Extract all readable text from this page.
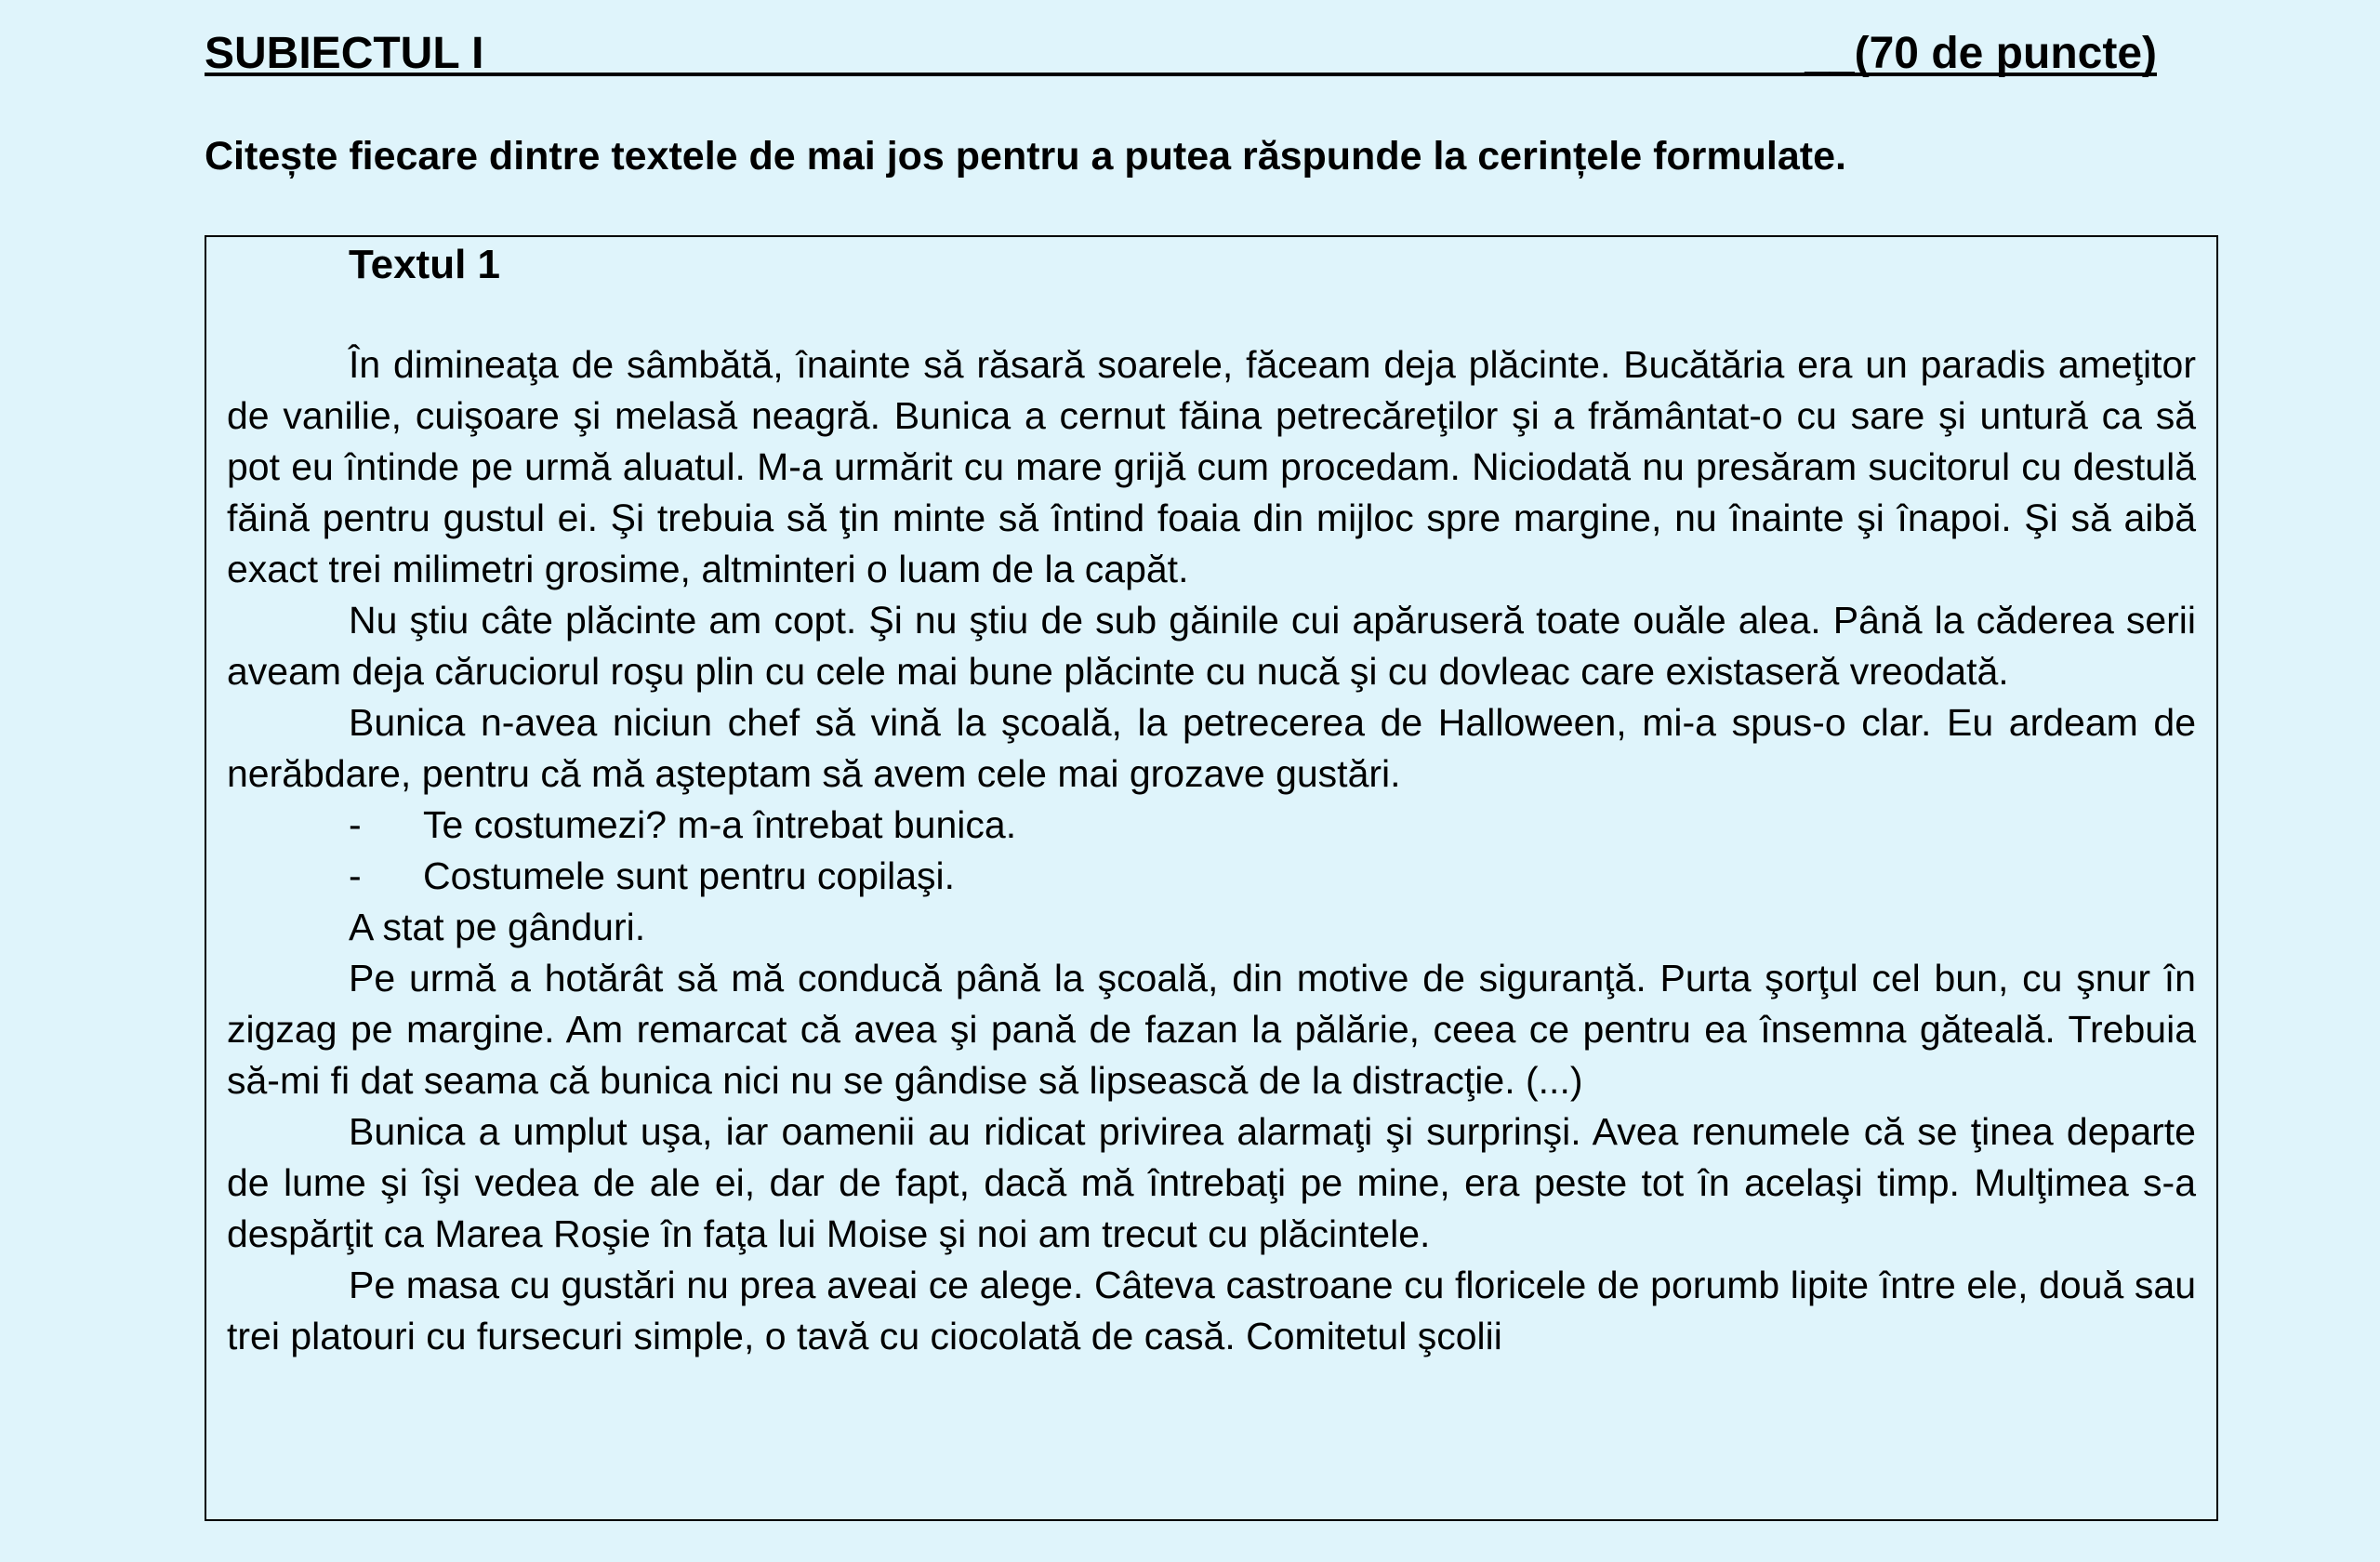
SUBIECTUL I	__(70 de puncte)
Citește fiecare dintre textele de mai jos pentru a putea răspunde la cerințele formulate.
Textul 1

În dimineaţa de sâmbătă, înainte să răsară soarele, făceam deja plăcinte. Bucătăria era un paradis ameţitor de vanilie, cuişoare şi melasă neagră. Bunica a cernut făina petrecăreţilor şi a frământat-o cu sare şi untură ca să pot eu întinde pe urmă aluatul. M-a urmărit cu mare grijă cum procedam. Niciodată nu presăram sucitorul cu destulă făină pentru gustul ei. Şi trebuia să ţin minte să întind foaia din mijloc spre margine, nu înainte şi înapoi. Şi să aibă exact trei milimetri grosime, altminteri o luam de la capăt.

Nu ştiu câte plăcinte am copt. Şi nu ştiu de sub găinile cui apăruseră toate ouăle alea. Până la căderea serii aveam deja căruciorul roşu plin cu cele mai bune plăcinte cu nucă şi cu dovleac care existaseră vreodată.

Bunica n-avea niciun chef să vină la şcoală, la petrecerea de Halloween, mi-a spus-o clar. Eu ardeam de nerăbdare, pentru că mă aşteptam să avem cele mai grozave gustări.

-	Te costumezi? m-a întrebat bunica.
-	Costumele sunt pentru copilaşi.

A stat pe gânduri.

Pe urmă a hotărât să mă conducă până la şcoală, din motive de siguranţă. Purta şorţul cel bun, cu şnur în zigzag pe margine. Am remarcat că avea şi pană de fazan la pălărie, ceea ce pentru ea însemna găteală. Trebuia să-mi fi dat seama că bunica nici nu se gândise să lipsească de la distracţie. (...)

Bunica a umplut uşa, iar oamenii au ridicat privirea alarmaţi şi surprinşi. Avea renumele că se ţinea departe de lume şi îşi vedea de ale ei, dar de fapt, dacă mă întrebaţi pe mine, era peste tot în acelaşi timp. Mulţimea s-a despărţit ca Marea Roşie în faţa lui Moise şi noi am trecut cu plăcintele.

Pe masa cu gustări nu prea aveai ce alege. Câteva castroane cu floricele de porumb lipite între ele, două sau trei platouri cu fursecuri simple, o tavă cu ciocolată de casă. Comitetul şcolii
